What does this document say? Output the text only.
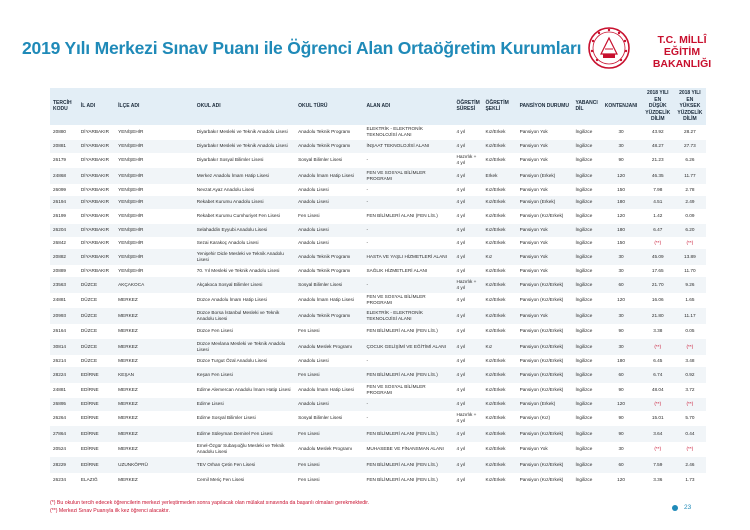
2019 Yılı Merkezi Sınav Puanı ile Öğrenci Alan Ortaöğretim Kurumları	T.C. MİLLÎ EĞİTİM
BAKANLIĞI
TERCİH KODU	İL ADI	İLÇE ADI	OKUL ADI	OKUL TÜRÜ	ALAN ADI	ÖĞRETİM SÜRESİ	ÖĞRETİM ŞEKLİ	PANSİYON DURUMU	YABANCI DİL	KONTENJANI	2018 YILI EN DÜŞÜK YÜZDELİK DİLİM	2018 YILI EN YÜKSEK YÜZDELİK DİLİM
20880	DİYARBAKIR	YENİŞEHİR	Diyarbakır Mesleki ve Teknik Anadolu Lisesi	Anadolu Teknik Programı	ELEKTRİK - ELEKTRONİK TEKNOLOJİSİ ALANI	4 yıl	Kız/Erkek	Pansiyon Yok	İngilizce	30	43.92	28.27
20881	DİYARBAKIR	YENİŞEHİR	Diyarbakır Mesleki ve Teknik Anadolu Lisesi	Anadolu Teknik Programı	İNŞAAT TEKNOLOJİSİ ALANI	4 yıl	Kız/Erkek	Pansiyon Yok	İngilizce	30	48.27	27.73
26179	DİYARBAKIR	YENİŞEHİR	Diyarbakır Sosyal Bilimler Lisesi	Sosyal Bilimler Lisesi	-	Hazırlık + 4 yıl	Kız/Erkek	Pansiyon Yok	İngilizce	90	21.23	6.26
24868	DİYARBAKIR	YENİŞEHİR	Merkez Anadolu İmam Hatip Lisesi	Anadolu İmam Hatip Lisesi	FEN VE SOSYAL BİLİMLER PROGRAMI	4 yıl	Erkek	Pansiyon (Erkek)	İngilizce	120	46.35	11.77
26099	DİYARBAKIR	YENİŞEHİR	Nevzat Ayaz Anadolu Lisesi	Anadolu Lisesi	-	4 yıl	Kız/Erkek	Pansiyon Yok	İngilizce	150	7.98	2.78
26194	DİYARBAKIR	YENİŞEHİR	Rekabet Kurumu Anadolu Lisesi	Anadolu Lisesi	-	4 yıl	Kız/Erkek	Pansiyon (Erkek)	İngilizce	180	4.51	2.49
26199	DİYARBAKIR	YENİŞEHİR	Rekabet Kurumu Cumhuriyet Fen Lisesi	Fen Lisesi	FEN BİLİMLERİ ALANI (FEN LİS.)	4 yıl	Kız/Erkek	Pansiyon (Kız/Erkek)	İngilizce	120	1.42	0.09
26204	DİYARBAKIR	YENİŞEHİR	Selahaddin Eyyubi Anadolu Lisesi	Anadolu Lisesi	-	4 yıl	Kız/Erkek	Pansiyon Yok	İngilizce	180	6.47	6.20
26842	DİYARBAKIR	YENİŞEHİR	Sezai Karakoç Anadolu Lisesi	Anadolu Lisesi	-	4 yıl	Kız/Erkek	Pansiyon Yok	İngilizce	150	(**)	(**)
20882	DİYARBAKIR	YENİŞEHİR	Yenişehir Dicle Mesleki ve Teknik Anadolu Lisesi	Anadolu Teknik Programı	HASTA VE YAŞLI HİZMETLERİ ALANI	4 yıl	Kız	Pansiyon Yok	İngilizce	30	45.09	13.89
20889	DİYARBAKIR	YENİŞEHİR	70. Yıl Mesleki ve Teknik Anadolu Lisesi	Anadolu Teknik Programı	SAĞLIK HİZMETLERİ ALANI	4 yıl	Kız/Erkek	Pansiyon Yok	İngilizce	30	17.65	11.70
23563	DÜZCE	AKÇAKOCA	Akçakoca Sosyal Bilimler Lisesi	Sosyal Bilimler Lisesi	-	Hazırlık + 4 yıl	Kız/Erkek	Pansiyon (Kız/Erkek)	İngilizce	60	21.70	9.26
24881	DÜZCE	MERKEZ	Düzce Anadolu İmam Hatip Lisesi	Anadolu İmam Hatip Lisesi	FEN VE SOSYAL BİLİMLER PROGRAMI	4 yıl	Kız/Erkek	Pansiyon (Kız/Erkek)	İngilizce	120	16.06	1.65
20993	DÜZCE	MERKEZ	Düzce Borsa İstanbul Mesleki ve Teknik Anadolu Lisesi	Anadolu Teknik Programı	ELEKTRİK - ELEKTRONİK TEKNOLOJİSİ ALANI	4 yıl	Kız/Erkek	Pansiyon Yok	İngilizce	30	21.80	11.17
26164	DÜZCE	MERKEZ	Düzce Fen Lisesi	Fen Lisesi	FEN BİLİMLERİ ALANI (FEN LİS.)	4 yıl	Kız/Erkek	Pansiyon (Kız/Erkek)	İngilizce	90	3.38	0.05
30814	DÜZCE	MERKEZ	Düzce Mevlana Mesleki ve Teknik Anadolu Lisesi	Anadolu Meslek Programı	ÇOCUK GELİŞİMİ VE EĞİTİMİ ALANI	4 yıl	Kız	Pansiyon (Kız/Erkek)	İngilizce	30	(**)	(**)
26214	DÜZCE	MERKEZ	Düzce Turgut Özal Anadolu Lisesi	Anadolu Lisesi	-	4 yıl	Kız/Erkek	Pansiyon (Kız/Erkek)	İngilizce	180	6.45	3.48
28224	EDİRNE	KEŞAN	Keşan Fen Lisesi	Fen Lisesi	FEN BİLİMLERİ ALANI (FEN LİS.)	4 yıl	Kız/Erkek	Pansiyon (Kız/Erkek)	İngilizce	60	6.74	0.92
24881	EDİRNE	MERKEZ	Edirne Alemercan Anadolu İmam Hatip Lisesi	Anadolu İmam Hatip Lisesi	FEN VE SOSYAL BİLİMLER PROGRAMI	4 yıl	Kız/Erkek	Pansiyon (Kız/Erkek)	İngilizce	90	48.04	3.72
26895	EDİRNE	MERKEZ	Edirne Lisesi	Anadolu Lisesi	-	4 yıl	Kız/Erkek	Pansiyon (Erkek)	İngilizce	120	(**)	(**)
26264	EDİRNE	MERKEZ	Edirne Sosyal Bilimler Lisesi	Sosyal Bilimler Lisesi	-	Hazırlık + 4 yıl	Kız/Erkek	Pansiyon (Kız)	İngilizce	90	15.01	5.70
27864	EDİRNE	MERKEZ	Edirne Süleyman Demirel Fen Lisesi	Fen Lisesi	FEN BİLİMLERİ ALANI (FEN LİS.)	4 yıl	Kız/Erkek	Pansiyon (Kız/Erkek)	İngilizce	90	3.64	0.44
20524	EDİRNE	MERKEZ	Emel-Özgür Subaşıoğlu Mesleki ve Teknik Anadolu Lisesi	Anadolu Meslek Programı	MUHASEBE VE FİNANSMAN ALANI	4 yıl	Kız/Erkek	Pansiyon Yok	İngilizce	30	(**)	(**)
28229	EDİRNE	UZUNKÖPRÜ	TEV Orhan Çetin Fen Lisesi	Fen Lisesi	FEN BİLİMLERİ ALANI (FEN LİS.)	4 yıl	Kız/Erkek	Pansiyon (Kız/Erkek)	İngilizce	60	7.59	2.46
26234	ELAZIĞ	MERKEZ	Cemil Meriç Fen Lisesi	Fen Lisesi	FEN BİLİMLERİ ALANI (FEN LİS.)	4 yıl	Kız/Erkek	Pansiyon (Kız/Erkek)	İngilizce	120	3.36	1.73
(*) Bu okulun tercih edecek öğrencilerin merkezi yerleştirmeden sonra yapılacak olan mülakat sınavında da başarılı olmaları gerekmektedir.
(**) Merkezi Sınav Puanıyla ilk kez öğrenci alacaktır.	23
